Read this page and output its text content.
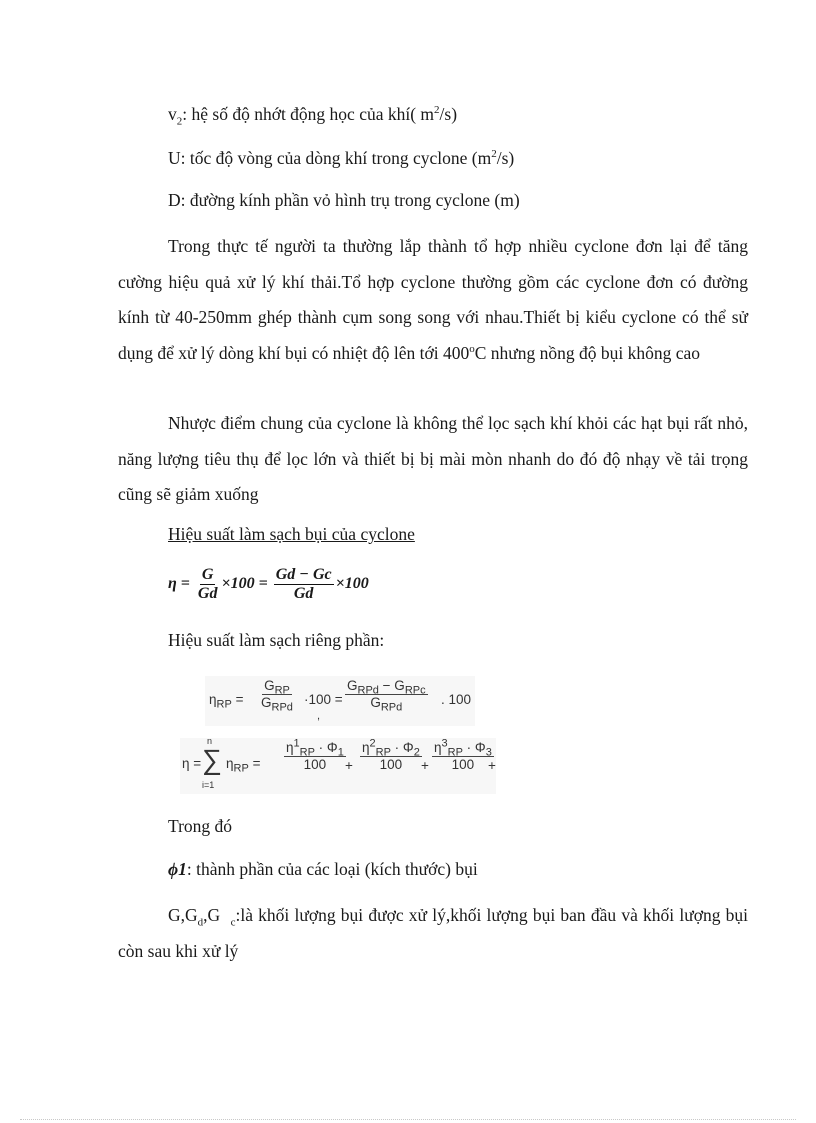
$v_2$: hệ số độ nhớt động học của khí( $m^2/s$)
U: tốc độ vòng của dòng khí trong cyclone $(m^2/s)$
D: đường kính phần vỏ hình trụ trong cyclone (m)
Trong thực tế người ta thường lắp thành tổ hợp nhiều cyclone đơn lại để tăng cường hiệu quả xử lý khí thải.Tổ hợp cyclone thường gồm các cyclone đơn có đường kính từ 40-250mm ghép thành cụm song song với nhau.Thiết bị kiểu cyclone có thể sử dụng để xử lý dòng khí bụi có nhiệt độ lên tới 400$^o$C nhưng nồng độ bụi không cao
Nhược điểm chung của cyclone là không thể lọc sạch khí khỏi các hạt bụi rất nhỏ, năng lượng tiêu thụ để lọc lớn và thiết bị bị mài mòn nhanh do đó độ nhạy về tải trọng cũng sẽ giảm xuống
Hiệu suất làm sạch bụi của cyclone
$\eta = \frac{G}{Gd} \times 100 = \frac{Gd - Gc}{Gd} \times 100$
Hiệu suất làm sạch riêng phần:
$\eta_{RP}$ =
$G_{RP}$
$G_{RPd}$
·100 =
,
$G_{RPd} - G_{RPc}$
$G_{RPd}$
. 100
η =
n
∑
i=1
$\eta_{RP} = \frac{\eta^1_{RP} \cdot \Phi_1}{100} + \frac{\eta^2_{RP} \cdot \Phi_2}{100} + \frac{\eta^3_{RP} \cdot \Phi_3}{100}$
+
Trong đó
ϕ1: thành phần của các loại (kích thước) bụi
$G,G_d,G$ $_c$:là khối lượng bụi được xử lý,khối lượng bụi ban đầu và khối lượng bụi còn sau khi xử lý
